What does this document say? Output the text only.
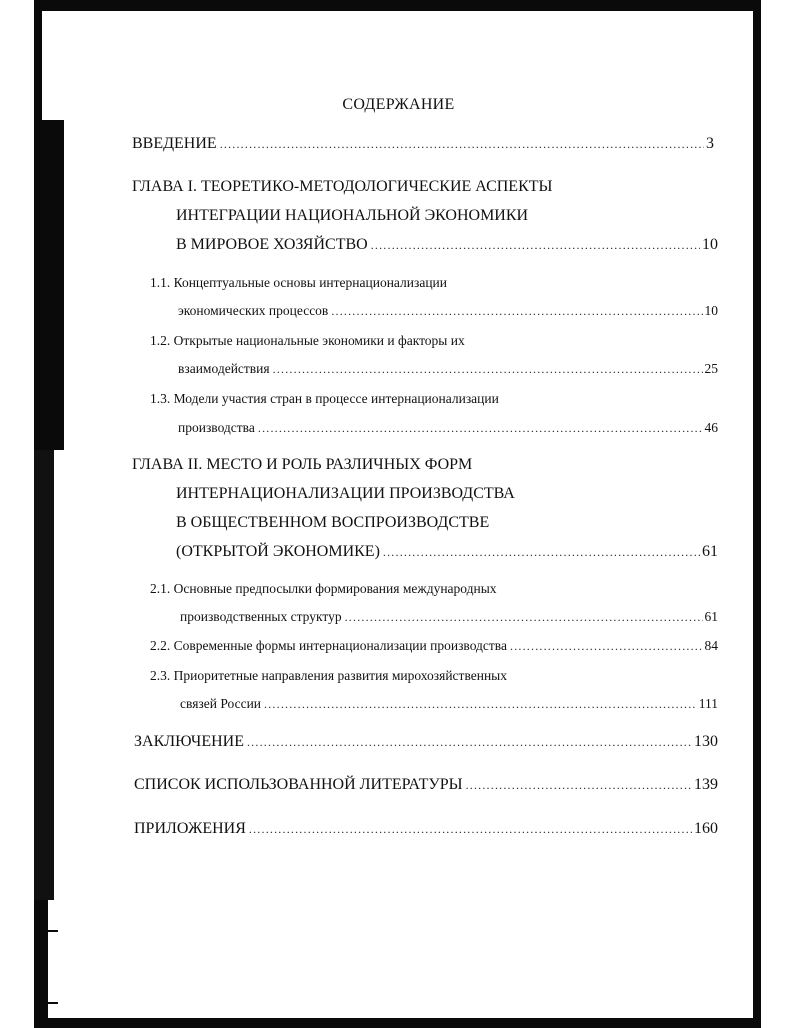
СОДЕРЖАНИЕ
ВВЕДЕНИЕ .....	3
ГЛАВА I. ТЕОРЕТИКО-МЕТОДОЛОГИЧЕСКИЕ АСПЕКТЫ
ИНТЕГРАЦИИ НАЦИОНАЛЬНОЙ ЭКОНОМИКИ
В МИРОВОЕ ХОЗЯЙСТВО .....	10
1.1. Концептуальные основы интернационализации
экономических процессов .....	10
1.2. Открытые национальные экономики и факторы их
взаимодействия .....	25
1.3. Модели участия стран в процессе интернационализации
производства .....	46
ГЛАВА II. МЕСТО И РОЛЬ РАЗЛИЧНЫХ ФОРМ
ИНТЕРНАЦИОНАЛИЗАЦИИ ПРОИЗВОДСТВА
В ОБЩЕСТВЕННОМ ВОСПРОИЗВОДСТВЕ
(ОТКРЫТОЙ ЭКОНОМИКЕ) .....	61
2.1. Основные предпосылки формирования международных
производственных структур .....	61
2.2. Современные формы интернационализации производства .....	84
2.3. Приоритетные направления развития мирохозяйственных
связей России .....	111
ЗАКЛЮЧЕНИЕ .....	130
СПИСОК ИСПОЛЬЗОВАННОЙ ЛИТЕРАТУРЫ .....	139
ПРИЛОЖЕНИЯ .....	160
